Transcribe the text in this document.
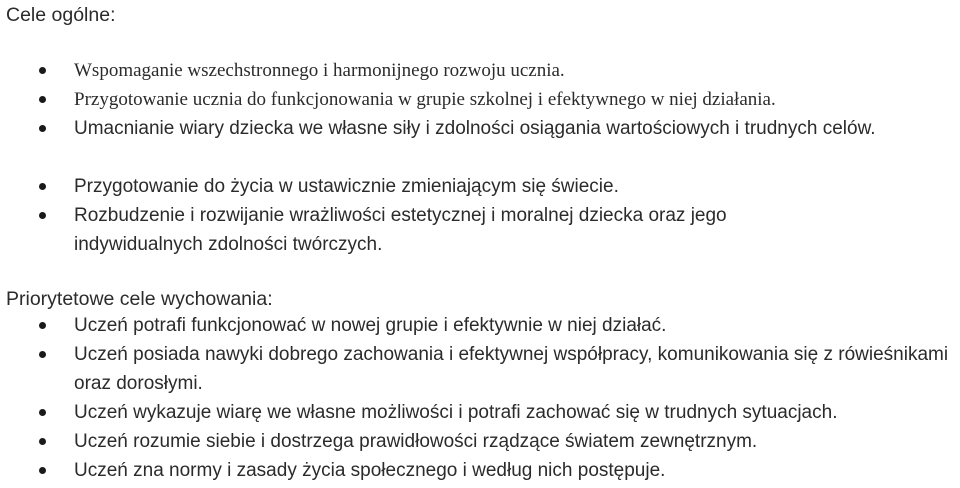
Cele ogólne:
Wspomaganie wszechstronnego i harmonijnego rozwoju ucznia.
Przygotowanie ucznia do funkcjonowania w grupie szkolnej i efektywnego w niej działania.
Umacnianie wiary dziecka we własne siły i zdolności osiągania wartościowych i trudnych celów.
Przygotowanie do życia w ustawicznie zmieniającym się świecie.
Rozbudzenie i rozwijanie wrażliwości estetycznej i moralnej dziecka oraz jego indywidualnych zdolności twórczych.
Priorytetowe cele wychowania:
Uczeń potrafi funkcjonować w nowej grupie i efektywnie w niej działać.
Uczeń posiada nawyki dobrego zachowania i efektywnej współpracy, komunikowania się z rówieśnikami oraz dorosłymi.
Uczeń wykazuje wiarę we własne możliwości i potrafi zachować się w trudnych sytuacjach.
Uczeń rozumie siebie i dostrzega prawidłowości rządzące światem zewnętrznym.
Uczeń zna normy i zasady życia społecznego i według nich postępuje.
